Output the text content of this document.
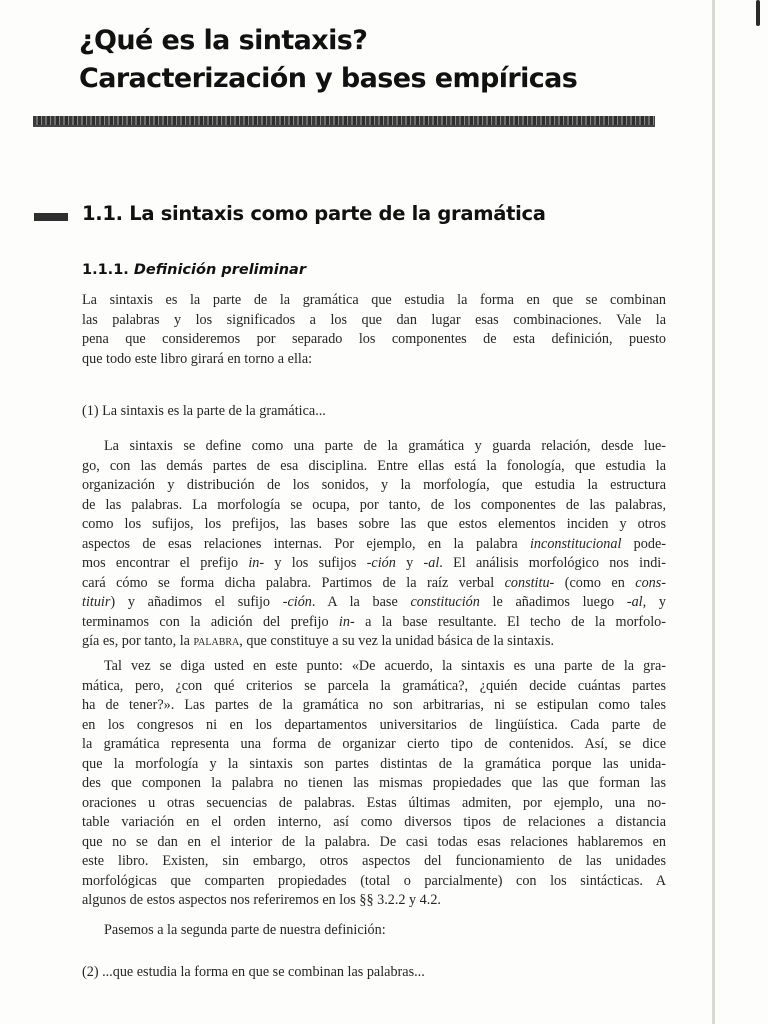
¿Qué es la sintaxis?
Caracterización y bases empíricas
1.1. La sintaxis como parte de la gramática
1.1.1. Definición preliminar

La sintaxis es la parte de la gramática que estudia la forma en que se combinan
las palabras y los significados a los que dan lugar esas combinaciones. Vale la
pena que consideremos por separado los componentes de esta definición, puesto
que todo este libro girará en torno a ella:

(1) La sintaxis es la parte de la gramática...

La sintaxis se define como una parte de la gramática y guarda relación, desde lue-
go, con las demás partes de esa disciplina. Entre ellas está la fonología, que estudia la
organización y distribución de los sonidos, y la morfología, que estudia la estructura
de las palabras. La morfología se ocupa, por tanto, de los componentes de las palabras,
como los sufijos, los prefijos, las bases sobre las que estos elementos inciden y otros
aspectos de esas relaciones internas. Por ejemplo, en la palabra inconstitucional pode-
mos encontrar el prefijo in- y los sufijos -ción y -al. El análisis morfológico nos indi-
cará cómo se forma dicha palabra. Partimos de la raíz verbal constitu- (como en cons-
tituir) y añadimos el sufijo -ción. A la base constitución le añadimos luego -al, y
terminamos con la adición del prefijo in- a la base resultante. El techo de la morfolo-
gía es, por tanto, la palabra, que constituye a su vez la unidad básica de la sintaxis.

Tal vez se diga usted en este punto: «De acuerdo, la sintaxis es una parte de la gra-
mática, pero, ¿con qué criterios se parcela la gramática?, ¿quién decide cuántas partes
ha de tener?». Las partes de la gramática no son arbitrarias, ni se estipulan como tales
en los congresos ni en los departamentos universitarios de lingüística. Cada parte de
la gramática representa una forma de organizar cierto tipo de contenidos. Así, se dice
que la morfología y la sintaxis son partes distintas de la gramática porque las unida-
des que componen la palabra no tienen las mismas propiedades que las que forman las
oraciones u otras secuencias de palabras. Estas últimas admiten, por ejemplo, una no-
table variación en el orden interno, así como diversos tipos de relaciones a distancia
que no se dan en el interior de la palabra. De casi todas esas relaciones hablaremos en
este libro. Existen, sin embargo, otros aspectos del funcionamiento de las unidades
morfológicas que comparten propiedades (total o parcialmente) con los sintácticas. A
algunos de estos aspectos nos referiremos en los §§ 3.2.2 y 4.2.

Pasemos a la segunda parte de nuestra definición:

(2) ...que estudia la forma en que se combinan las palabras...
